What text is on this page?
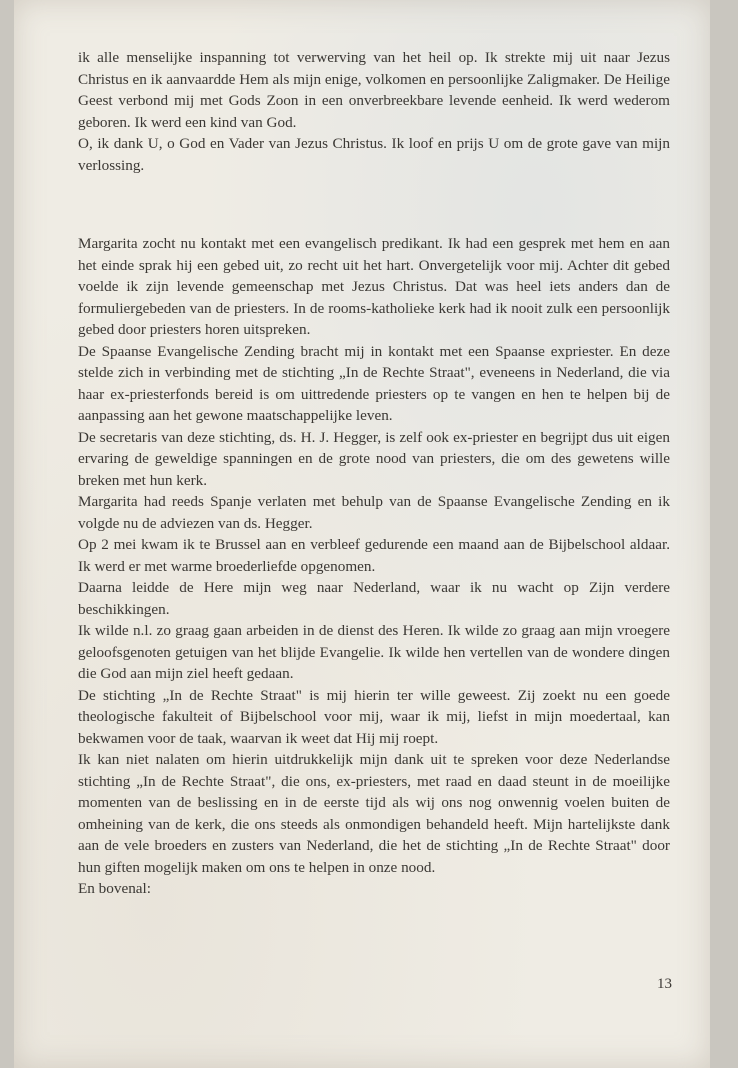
ik alle menselijke inspanning tot verwerving van het heil op. Ik strekte mij uit naar Jezus Christus en ik aanvaardde Hem als mijn enige, volkomen en persoonlijke Zaligmaker. De Heilige Geest verbond mij met Gods Zoon in een onverbreekbare levende eenheid. Ik werd wederom geboren. Ik werd een kind van God.

O, ik dank U, o God en Vader van Jezus Christus. Ik loof en prijs U om de grote gave van mijn verlossing.

Margarita zocht nu kontakt met een evangelisch predikant. Ik had een gesprek met hem en aan het einde sprak hij een gebed uit, zo recht uit het hart. Onvergetelijk voor mij. Achter dit gebed voelde ik zijn levende gemeenschap met Jezus Christus. Dat was heel iets anders dan de formuliergebeden van de priesters. In de rooms-katholieke kerk had ik nooit zulk een persoonlijk gebed door priesters horen uitspreken.

De Spaanse Evangelische Zending bracht mij in kontakt met een Spaanse expriester. En deze stelde zich in verbinding met de stichting „In de Rechte Straat", eveneens in Nederland, die via haar ex-priesterfonds bereid is om uittredende priesters op te vangen en hen te helpen bij de aanpassing aan het gewone maatschappelijke leven.

De secretaris van deze stichting, ds. H. J. Hegger, is zelf ook ex-priester en begrijpt dus uit eigen ervaring de geweldige spanningen en de grote nood van priesters, die om des gewetens wille breken met hun kerk.

Margarita had reeds Spanje verlaten met behulp van de Spaanse Evangelische Zending en ik volgde nu de adviezen van ds. Hegger.

Op 2 mei kwam ik te Brussel aan en verbleef gedurende een maand aan de Bijbelschool aldaar. Ik werd er met warme broederliefde opgenomen.

Daarna leidde de Here mijn weg naar Nederland, waar ik nu wacht op Zijn verdere beschikkingen.

Ik wilde n.l. zo graag gaan arbeiden in de dienst des Heren. Ik wilde zo graag aan mijn vroegere geloofsgenoten getuigen van het blijde Evangelie. Ik wilde hen vertellen van de wondere dingen die God aan mijn ziel heeft gedaan.

De stichting „In de Rechte Straat" is mij hierin ter wille geweest. Zij zoekt nu een goede theologische fakulteit of Bijbelschool voor mij, waar ik mij, liefst in mijn moedertaal, kan bekwamen voor de taak, waarvan ik weet dat Hij mij roept.

Ik kan niet nalaten om hierin uitdrukkelijk mijn dank uit te spreken voor deze Nederlandse stichting „In de Rechte Straat", die ons, ex-priesters, met raad en daad steunt in de moeilijke momenten van de beslissing en in de eerste tijd als wij ons nog onwennig voelen buiten de omheining van de kerk, die ons steeds als onmondigen behandeld heeft. Mijn hartelijkste dank aan de vele broeders en zusters van Nederland, die het de stichting „In de Rechte Straat" door hun giften mogelijk maken om ons te helpen in onze nood.

En bovenal:

13
